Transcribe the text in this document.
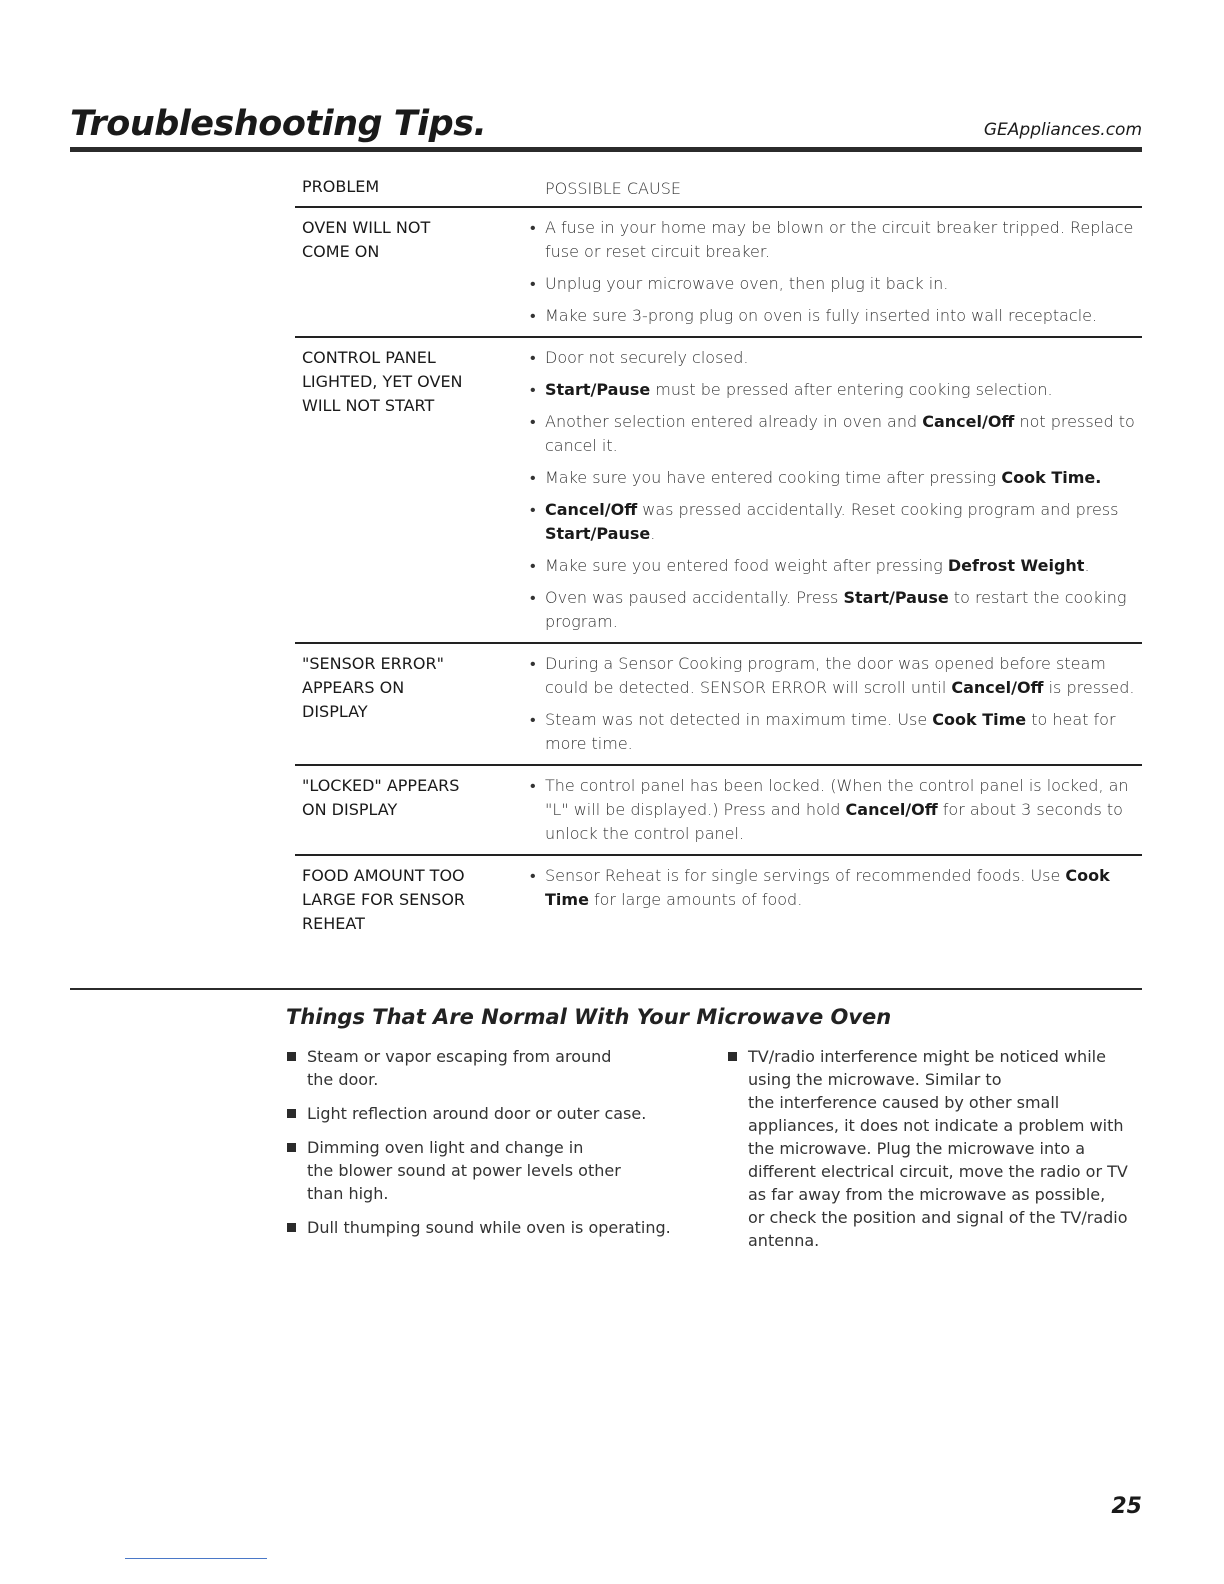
Troubleshooting Tips.	GEAppliances.com
PROBLEM	POSSIBLE CAUSE
OVEN WILL NOT
COME ON
• A fuse in your home may be blown or the circuit breaker tripped. Replace fuse or reset circuit breaker.
• Unplug your microwave oven, then plug it back in.
• Make sure 3-prong plug on oven is fully inserted into wall receptacle.
CONTROL PANEL
LIGHTED, YET OVEN
WILL NOT START
• Door not securely closed.
• Start/Pause must be pressed after entering cooking selection.
• Another selection entered already in oven and Cancel/Off not pressed to cancel it.
• Make sure you have entered cooking time after pressing Cook Time.
• Cancel/Off was pressed accidentally. Reset cooking program and press Start/Pause.
• Make sure you entered food weight after pressing Defrost Weight.
• Oven was paused accidentally. Press Start/Pause to restart the cooking program.
"SENSOR ERROR"
APPEARS ON
DISPLAY
• During a Sensor Cooking program, the door was opened before steam could be detected. SENSOR ERROR will scroll until Cancel/Off is pressed.
• Steam was not detected in maximum time. Use Cook Time to heat for more time.
"LOCKED" APPEARS
ON DISPLAY
• The control panel has been locked. (When the control panel is locked, an "L" will be displayed.) Press and hold Cancel/Off for about 3 seconds to unlock the control panel.
FOOD AMOUNT TOO
LARGE FOR SENSOR
REHEAT
• Sensor Reheat is for single servings of recommended foods. Use Cook Time for large amounts of food.
Things That Are Normal With Your Microwave Oven
Steam or vapor escaping from around
the door.
Light reflection around door or outer case.
Dimming oven light and change in
the blower sound at power levels other
than high.
Dull thumping sound while oven is operating.
TV/radio interference might be noticed while
using the microwave. Similar to
the interference caused by other small
appliances, it does not indicate a problem with
the microwave. Plug the microwave into a
different electrical circuit, move the radio or TV
as far away from the microwave as possible,
or check the position and signal of the TV/radio
antenna.
25
